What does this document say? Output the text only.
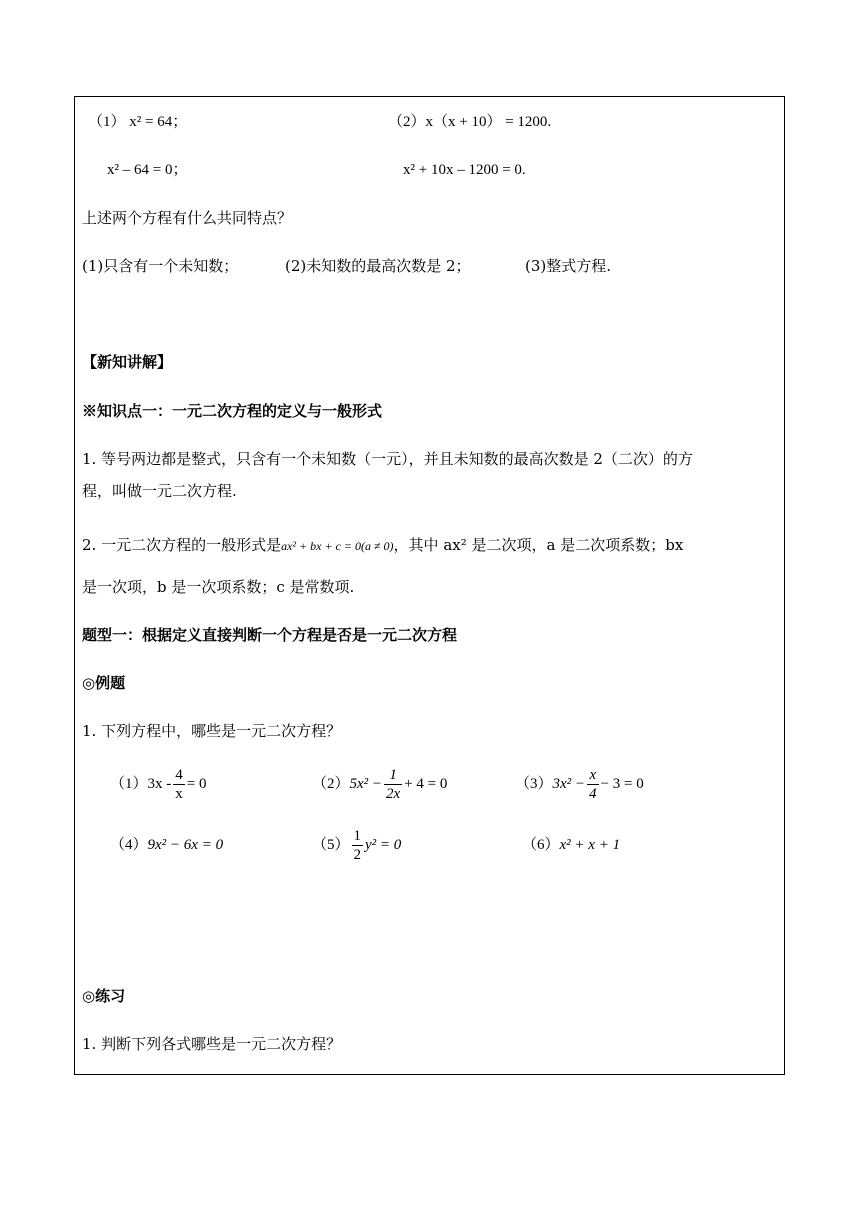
（1） x² = 64；	（2）x（x + 10） = 1200.
x² – 64 = 0；	x² + 10x – 1200 = 0.
上述两个方程有什么共同特点？
(1)只含有一个未知数；	(2)未知数的最高次数是 2；	(3)整式方程.
【新知讲解】
※知识点一：一元二次方程的定义与一般形式
1. 等号两边都是整式，只含有一个未知数（一元），并且未知数的最高次数是 2（二次）的方
程，叫做一元二次方程.
2. 一元二次方程的一般形式是ax² + bx + c = 0(a ≠ 0)，其中 ax² 是二次项，a 是二次项系数；bx
是一次项，b 是一次项系数；c 是常数项.
题型一：根据定义直接判断一个方程是否是一元二次方程
◎例题
1. 下列方程中，哪些是一元二次方程？
$(1)3x - \frac{4}{x} = 0$	$(2)5x^2 - \frac{1}{2x} + 4 = 0$	$(3)3x^2 - \frac{x}{4} - 3 = 0$
（4）9x² − 6x = 0	$(5) \frac{1}{2} y^2 = 0$	（6）x² + x + 1
◎练习
1. 判断下列各式哪些是一元二次方程？
